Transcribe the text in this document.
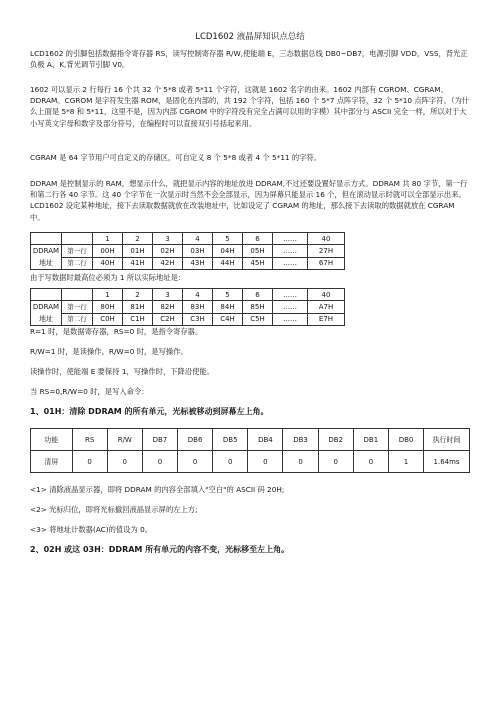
LCD1602 液晶屏知识点总结

LCD1602 的引脚包括数据指令寄存器 RS，读写控制寄存器 R/W,使能端 E，三态数据总线 DB0~DB7，电源引脚 VDD，VSS，背光正负极 A、K,背光调节引脚 V0。

1602 可以显示 2 行每行 16 个共 32 个 5*8 或者 5*11 个字符，这就是 1602 名字的由来。1602 内部有 CGROM、CGRAM、DDRAM。CGROM 是字符发生器 ROM，是固化在内部的，共 192 个字符，包括 160 个 5*7 点阵字符，32 个 5*10 点阵字符。（为什么上面是 5*8 和 5*11，这里不是，因为内部 CGROM 中的字符没有完全占满可以用的字模）其中部分与 ASCII 完全一样，所以对于大小写英文字母和数字及部分符号，在编程时可以直接双引号括起来用。

CGRAM 是 64 字节用户可自定义的存储区，可自定义 8 个 5*8 或者 4 个 5*11 的字符。

DDRAM 是控制显示的 RAM，想显示什么，就把显示内容的地址放进 DDRAM,不过还要设置好显示方式。DDRAM 共 80 字节，第一行和第二行各 40 字节。这 40 个字节在一次显示时当然不会全部显示，因为屏幕只能显示 16 个，但在滚动显示时就可以全部显示出来。LCD1602 设定某种地址，接下去读取数据就放在改装地址中，比如设定了 CGRAM 的地址，那么接下去读取的数据就放在 CGRAM 中。

		1	2	3	4	5	6	……	40
DDRAM 地址	第一行	00H	01H	02H	03H	04H	05H	……	27H
	第二行	40H	41H	42H	43H	44H	45H	……	67H

由于写数据时最高位必须为 1 所以实际地址是：

		1	2	3	4	5	6	……	40
DDRAM 地址	第一行	80H	81H	82H	83H	84H	85H	……	A7H
	第二行	C0H	C1H	C2H	C3H	C4H	C5H	……	E7H

R=1 时，是数据寄存器，RS=0 时，是指令寄存器。

R/W=1 时，是读操作，R/W=0 时，是写操作。

读操作时，使能端 E 要保持 1，写操作时，下降沿使能。

当 RS=0,R/W=0 时，是写入命令：

1、01H：清除 DDRAM 的所有单元，光标被移动到屏幕左上角。

功能	RS	R/W	DB7	DB6	DB5	DB4	DB3	DB2	DB1	DB0	执行时间
清屏	0	0	0	0	0	0	0	0	0	1	1.64ms

<1> 清除液晶显示器，即将 DDRAM 的内容全部填入"空白"的 ASCII 码 20H;

<2> 光标归位，即将光标撤回液晶显示屏的左上方;

<3> 将地址计数器(AC)的值设为 0。

2、02H 或这 03H：DDRAM 所有单元的内容不变，光标移至左上角。
